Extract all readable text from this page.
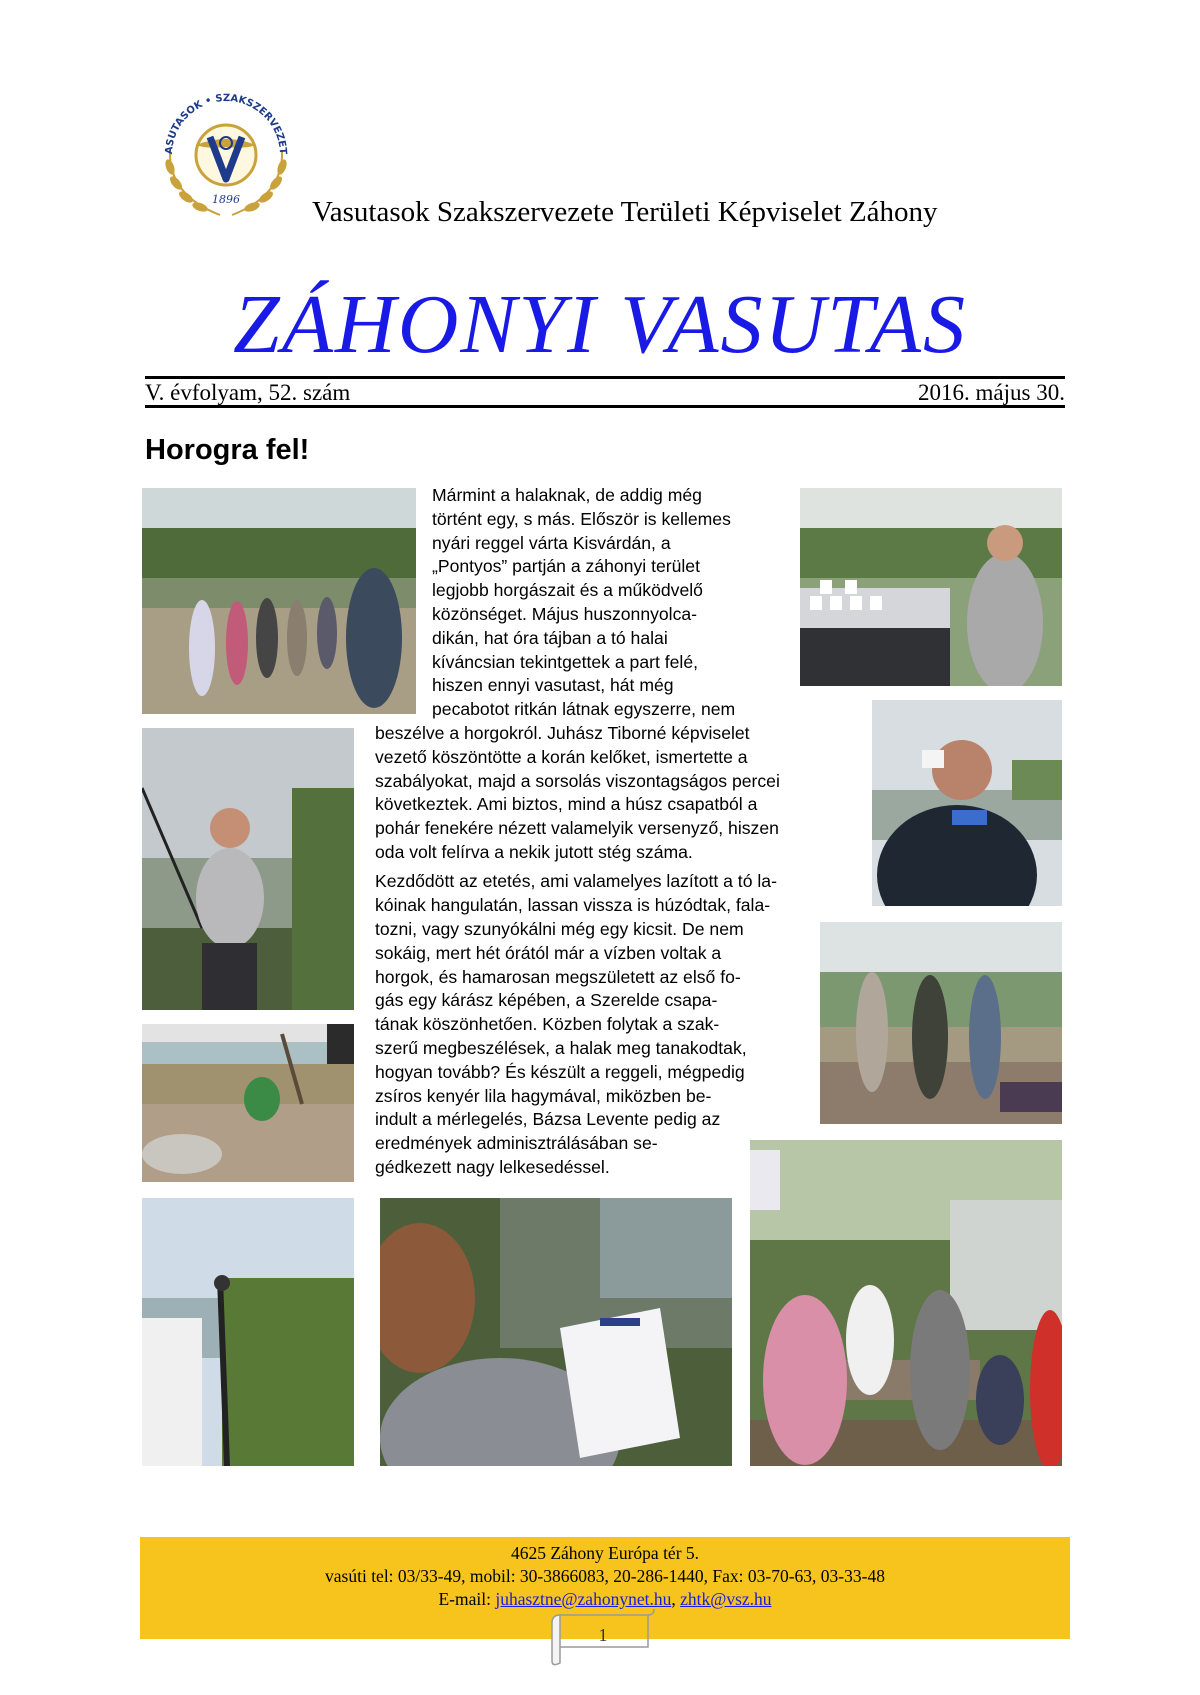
ASUTASOK • SZAKSZERVEZET
1896 Vasutasok Szakszervezete Területi Képviselet Záhony
ZÁHONYI VASUTAS
V. évfolyam, 52. szám	2016. május 30.
Horogra fel!

Mármint a halaknak, de addig még

történt egy, s más. Először is kellemes

nyári reggel várta Kisvárdán, a

„Pontyos” partján a záhonyi terület

legjobb horgászait és a működvelő

közönséget. Május huszonnyolca-

dikán, hat óra tájban a tó halai

kíváncsian tekintgettek a part felé,

hiszen ennyi vasutast, hát még

pecabotot ritkán látnak egyszerre, nem

beszélve a horgokról. Juhász Tiborné képviselet

vezető köszöntötte a korán kelőket, ismertette a

szabályokat, majd a sorsolás viszontagságos percei

következtek. Ami biztos, mind a húsz csapatból a

pohár fenekére nézett valamelyik versenyző, hiszen

oda volt felírva a nekik jutott stég száma.

Kezdődött az etetés, ami valamelyes lazított a tó la-

kóinak hangulatán, lassan vissza is húzódtak, fala-

tozni, vagy szunyókálni még egy kicsit. De nem

sokáig, mert hét órától már a vízben voltak a

horgok, és hamarosan megszületett az első fo-

gás egy kárász képében, a Szerelde csapa-

tának köszönhetően. Közben folytak a szak-

szerű megbeszélések, a halak meg tanakodtak,

hogyan tovább? És készült a reggeli, mégpedig

zsíros kenyér lila hagymával, miközben be-

indult a mérlegelés, Bázsa Levente pedig az

eredmények adminisztrálásában se-

gédkezett nagy lelkesedéssel.

4625 Záhony Európa tér 5.
vasúti tel: 03/33-49, mobil: 30-3866083, 20-286-1440, Fax: 03-70-63, 03-33-48
E-mail: juhasztne@zahonynet.hu, zhtk@vsz.hu
1
